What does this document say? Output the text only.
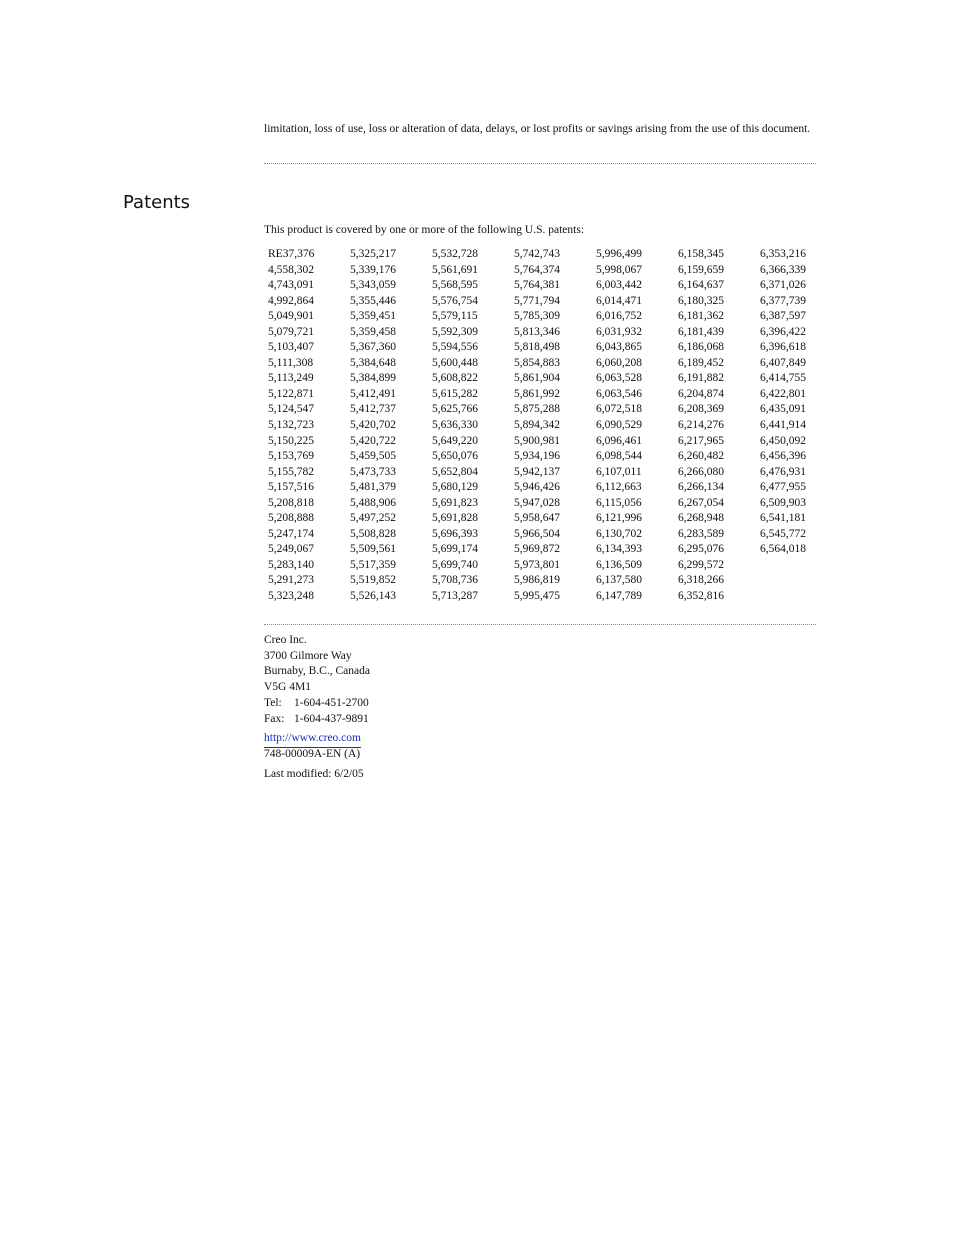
limitation, loss of use, loss or alteration of data, delays, or lost profits or savings arising from the use of this document.
Patents
This product is covered by one or more of the following U.S. patents:
RE37,376
4,558,302
4,743,091
4,992,864
5,049,901
5,079,721
5,103,407
5,111,308
5,113,249
5,122,871
5,124,547
5,132,723
5,150,225
5,153,769
5,155,782
5,157,516
5,208,818
5,208,888
5,247,174
5,249,067
5,283,140
5,291,273
5,323,248
5,325,217
5,339,176
5,343,059
5,355,446
5,359,451
5,359,458
5,367,360
5,384,648
5,384,899
5,412,491
5,412,737
5,420,702
5,420,722
5,459,505
5,473,733
5,481,379
5,488,906
5,497,252
5,508,828
5,509,561
5,517,359
5,519,852
5,526,143
5,532,728
5,561,691
5,568,595
5,576,754
5,579,115
5,592,309
5,594,556
5,600,448
5,608,822
5,615,282
5,625,766
5,636,330
5,649,220
5,650,076
5,652,804
5,680,129
5,691,823
5,691,828
5,696,393
5,699,174
5,699,740
5,708,736
5,713,287
5,742,743
5,764,374
5,764,381
5,771,794
5,785,309
5,813,346
5,818,498
5,854,883
5,861,904
5,861,992
5,875,288
5,894,342
5,900,981
5,934,196
5,942,137
5,946,426
5,947,028
5,958,647
5,966,504
5,969,872
5,973,801
5,986,819
5,995,475
5,996,499
5,998,067
6,003,442
6,014,471
6,016,752
6,031,932
6,043,865
6,060,208
6,063,528
6,063,546
6,072,518
6,090,529
6,096,461
6,098,544
6,107,011
6,112,663
6,115,056
6,121,996
6,130,702
6,134,393
6,136,509
6,137,580
6,147,789
6,158,345
6,159,659
6,164,637
6,180,325
6,181,362
6,181,439
6,186,068
6,189,452
6,191,882
6,204,874
6,208,369
6,214,276
6,217,965
6,260,482
6,266,080
6,266,134
6,267,054
6,268,948
6,283,589
6,295,076
6,299,572
6,318,266
6,352,816
6,353,216
6,366,339
6,371,026
6,377,739
6,387,597
6,396,422
6,396,618
6,407,849
6,414,755
6,422,801
6,435,091
6,441,914
6,450,092
6,456,396
6,476,931
6,477,955
6,509,903
6,541,181
6,545,772
6,564,018
Creo Inc.
3700 Gilmore Way
Burnaby, B.C., Canada
V5G 4M1
Tel: 1-604-451-2700
Fax: 1-604-437-9891
http://www.creo.com
748-00009A-EN (A)
Last modified: 6/2/05
